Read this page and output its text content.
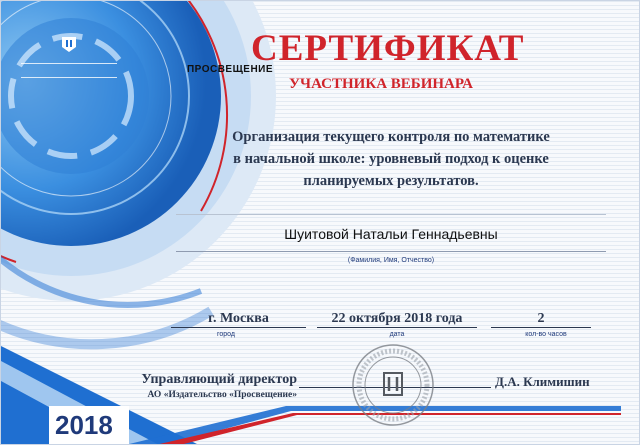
ПРОСВЕЩЕНИЕ
СЕРТИФИКАТ
УЧАСТНИКА ВЕБИНАРА
Организация текущего контроля по математике
в начальной школе: уровневый подход к оценке
планируемых результатов.
Шуитовой Натальи Геннадьевны
(Фамилия, Имя, Отчество)
г. Москва
город
22 октября 2018 года
дата
2
кол-во часов
Управляющий директор
АО «Издательство «Просвещение»
Д.А. Климишин
2018
